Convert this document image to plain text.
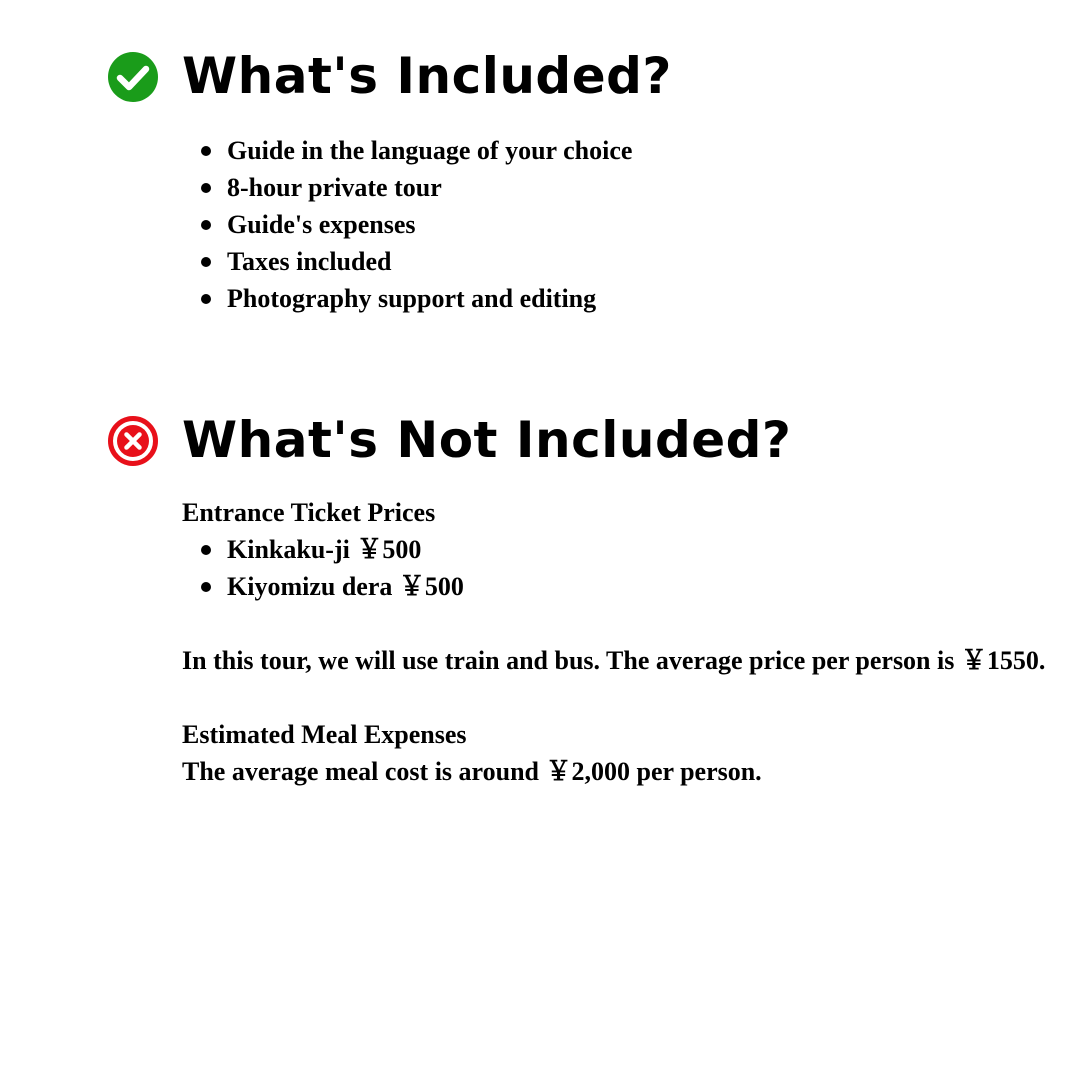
What's Included?
Guide in the language of your choice
8-hour private tour
Guide's expenses
Taxes included
Photography support and editing
What's Not Included?
Entrance Ticket Prices
Kinkaku-ji ￥500
Kiyomizu dera ￥500
In this tour, we will use train and bus. The average price per person is ￥1550.
Estimated Meal Expenses
The average meal cost is around ￥2,000 per person.
